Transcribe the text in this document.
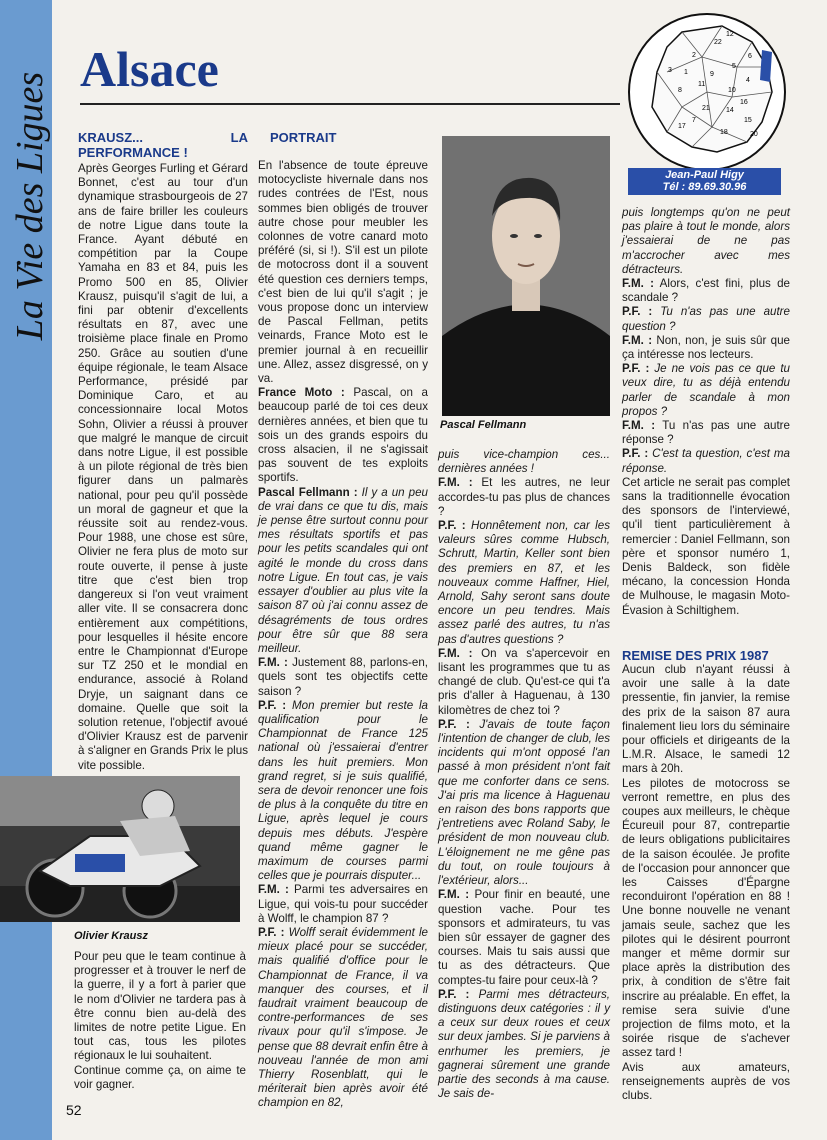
La Vie des Ligues
Alsace	22
12
2	6
5
9
10
4
11
1
3
8
16
21 14
15
7
18	20
17
Jean-Paul Higy
Tél : 89.69.30.96
KRAUSZ... LA PERFORMANCE !

Après Georges Furling et Gérard Bonnet, c'est au tour d'un dynamique strasbourgeois de 27 ans de faire briller les couleurs de notre Ligue dans toute la France. Ayant débuté en compétition par la Coupe Yamaha en 83 et 84, puis les Promo 500 en 85, Olivier Krausz, puisqu'il s'agit de lui, a fini par obtenir d'excellents résultats en 87, avec une troisième place finale en Promo 250. Grâce au soutien d'une équipe régionale, le team Alsace Performance, présidé par Dominique Caro, et au concessionnaire local Motos Sohn, Olivier a réussi à prouver que malgré le manque de circuit dans notre Ligue, il est possible à un pilote régional de très bien figurer dans un palmarès national, pour peu qu'il possède un moral de gagneur et que la réussite soit au rendez-vous. Pour 1988, une chose est sûre, Olivier ne fera plus de moto sur route ouverte, il pense à juste titre que c'est bien trop dangereux si l'on veut vraiment aller vite. Il se consacrera donc entièrement aux compétitions, pour lesquelles il hésite encore entre le Championnat d'Europe sur TZ 250 et le mondial en endurance, associé à Roland Dryje, un saignant dans ce domaine. Quelle que soit la solution retenue, l'objectif avoué d'Olivier Krausz est de parvenir à s'aligner en Grands Prix le plus vite possible.

Olivier Krausz

Pour peu que le team continue à progresser et à trouver le nerf de la guerre, il y a fort à parier que le nom d'Olivier ne tardera pas à être connu bien au-delà des limites de notre petite Ligue. En tout cas, tous les pilotes régionaux le lui souhaitent.

Continue comme ça, on aime te voir gagner.

PORTRAIT

En l'absence de toute épreuve motocycliste hivernale dans nos rudes contrées de l'Est, nous sommes bien obligés de trouver autre chose pour meubler les colonnes de votre canard moto préféré (si, si !). S'il est un pilote de motocross dont il a souvent été question ces derniers temps, c'est bien de lui qu'il s'agit ; je vous propose donc un interview de Pascal Fellman, petits veinards, France Moto est le premier journal à en recueillir une. Allez, assez disgressé, on y va.

France Moto : Pascal, on a beaucoup parlé de toi ces deux dernières années, et bien que tu sois un des grands espoirs du cross alsacien, il ne s'agissait pas souvent de tes exploits sportifs.

Pascal Fellmann : Il y a un peu de vrai dans ce que tu dis, mais je pense être surtout connu pour mes résultats sportifs et pas pour les petits scandales qui ont agité le monde du cross dans notre Ligue. En tout cas, je vais essayer d'oublier au plus vite la saison 87 où j'ai connu assez de désagréments de tous ordres pour être sûr que 88 sera meilleur.

F.M. : Justement 88, parlons-en, quels sont tes objectifs cette saison ?

P.F. : Mon premier but reste la qualification pour le Championnat de France 125 national où j'essaierai d'entrer dans les huit premiers. Mon grand regret, si je suis qualifié, sera de devoir renoncer une fois de plus à la conquête du titre en Ligue, après lequel je cours depuis mes débuts. J'espère quand même gagner le maximum de courses parmi celles que je pourrais disputer...

F.M. : Parmi tes adversaires en Ligue, qui vois-tu pour succéder à Wolff, le champion 87 ?

P.F. : Wolff serait évidemment le mieux placé pour se succéder, mais qualifié d'office pour le Championnat de France, il va manquer des courses, et il faudrait vraiment beaucoup de contre-performances de ses rivaux pour qu'il s'impose. Je pense que 88 devrait enfin être à nouveau l'année de mon ami Thierry Rosenblatt, qui le mériterait bien après avoir été champion en 82,

Pascal Fellmann

puis vice-champion ces... dernières années !

F.M. : Et les autres, ne leur accordes-tu pas plus de chances ?

P.F. : Honnêtement non, car les valeurs sûres comme Hubsch, Schrutt, Martin, Keller sont bien des premiers en 87, et les nouveaux comme Haffner, Hiel, Arnold, Sahy seront sans doute encore un peu tendres. Mais assez parlé des autres, tu n'as pas d'autres questions ?

F.M. : On va s'apercevoir en lisant les programmes que tu as changé de club. Qu'est-ce qui t'a pris d'aller à Haguenau, à 130 kilomètres de chez toi ?

P.F. : J'avais de toute façon l'intention de changer de club, les incidents qui m'ont opposé l'an passé à mon président n'ont fait que me conforter dans ce sens. J'ai pris ma licence à Haguenau en raison des bons rapports que j'entretiens avec Roland Saby, le président de mon nouveau club. L'éloignement ne me gêne pas du tout, on roule toujours à l'extérieur, alors...

F.M. : Pour finir en beauté, une question vache. Pour tes sponsors et admirateurs, tu vas bien sûr essayer de gagner des courses. Mais tu sais aussi que tu as des détracteurs. Que comptes-tu faire pour ceux-là ?

P.F. : Parmi mes détracteurs, distinguons deux catégories : il y a ceux sur deux roues et ceux sur deux jambes. Si je parviens à enrhumer les premiers, je gagnerai sûrement une grande partie des seconds à ma cause. Je sais de-

puis longtemps qu'on ne peut pas plaire à tout le monde, alors j'essaierai de ne pas m'accrocher avec mes détracteurs.

F.M. : Alors, c'est fini, plus de scandale ?

P.F. : Tu n'as pas une autre question ?

F.M. : Non, non, je suis sûr que ça intéresse nos lecteurs.

P.F. : Je ne vois pas ce que tu veux dire, tu as déjà entendu parler de scandale à mon propos ?

F.M. : Tu n'as pas une autre réponse ?

P.F. : C'est ta question, c'est ma réponse.

Cet article ne serait pas complet sans la traditionnelle évocation des sponsors de l'interviewé, qu'il tient particulièrement à remercier : Daniel Fellmann, son père et sponsor numéro 1, Denis Baldeck, son fidèle mécano, la concession Honda de Mulhouse, le magasin Moto-Évasion à Schiltighem.

REMISE DES PRIX 1987

Aucun club n'ayant réussi à avoir une salle à la date pressentie, fin janvier, la remise des prix de la saison 87 aura finalement lieu lors du séminaire pour officiels et dirigeants de la L.M.R. Alsace, le samedi 12 mars à 20h.

Les pilotes de motocross se verront remettre, en plus des coupes aux meilleurs, le chèque Écureuil pour 87, contrepartie de leurs obligations publicitaires de la saison écoulée. Je profite de l'occasion pour annoncer que les Caisses d'Épargne reconduiront l'opération en 88 ! Une bonne nouvelle ne venant jamais seule, sachez que les pilotes qui le désirent pourront manger et même dormir sur place après la distribution des prix, à condition de s'être fait inscrire au préalable. En effet, la remise sera suivie d'une projection de films moto, et la soirée risque de s'achever assez tard !

Avis aux amateurs, renseignements auprès de vos clubs.

52
